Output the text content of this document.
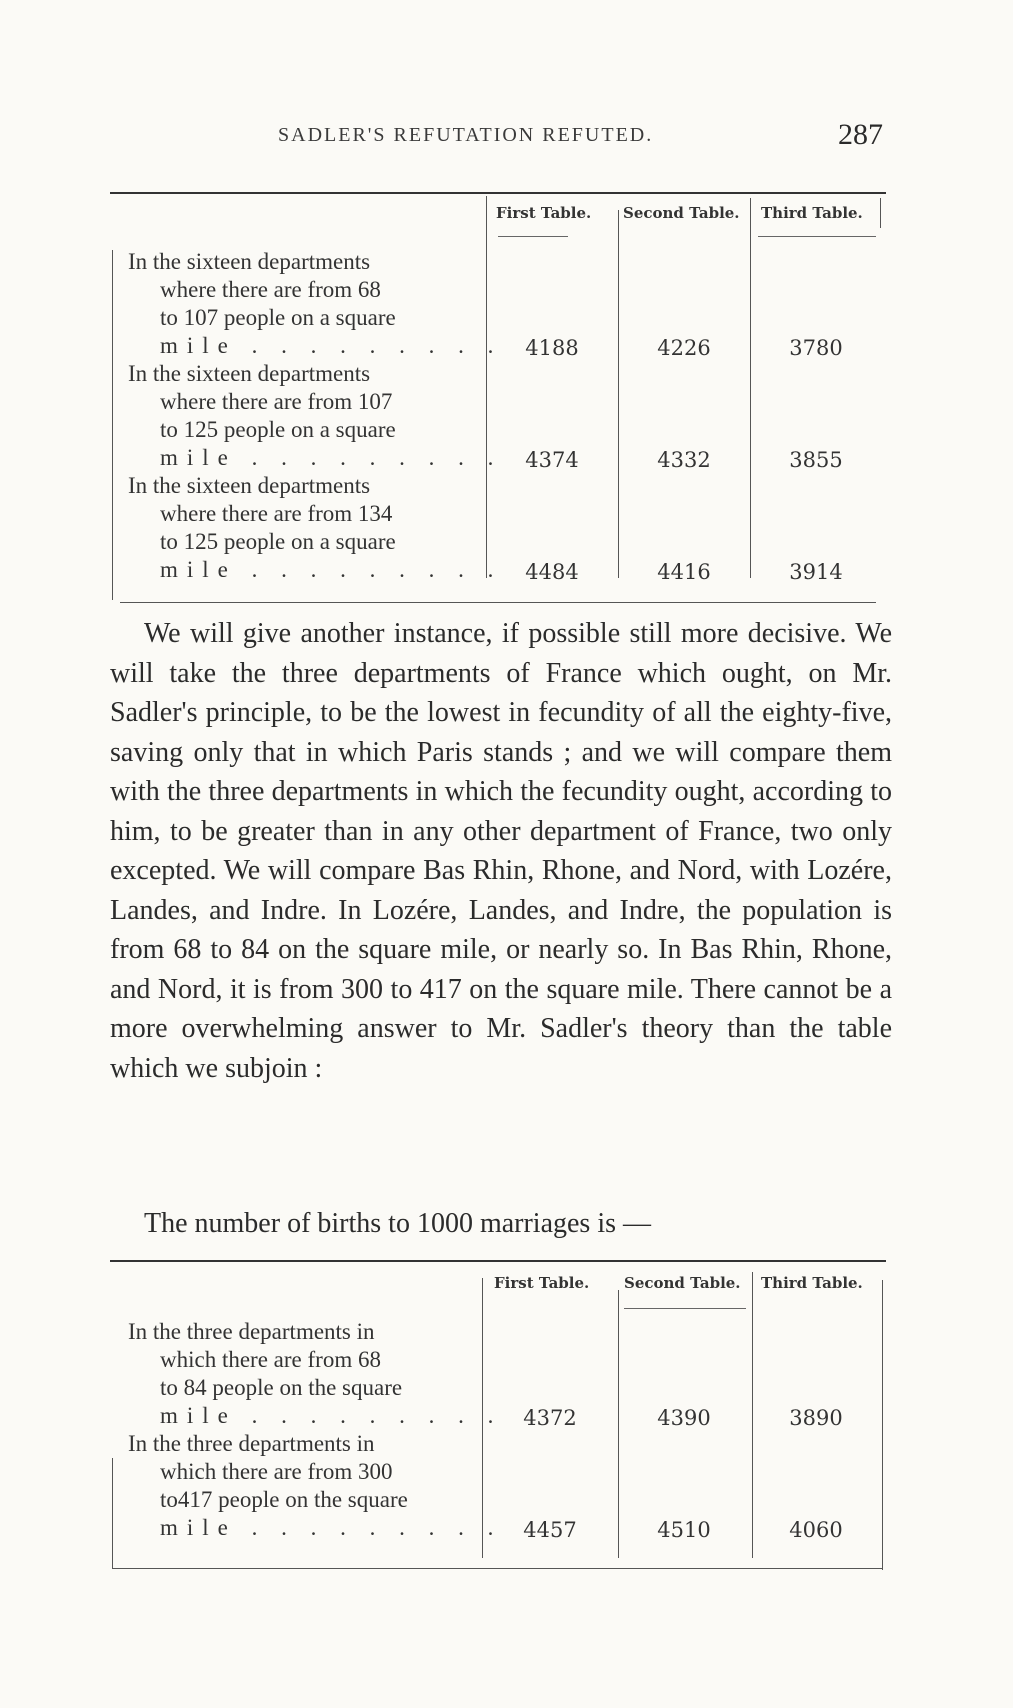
SADLER'S REFUTATION REFUTED.	287
First Table. Second Table. Third Table.
In the sixteen departments
where there are from 68
to 107 people on a square
mile . . . . . . . . .	4188	4226	3780
In the sixteen departments
where there are from 107
to 125 people on a square
mile . . . . . . . . .	4374	4332	3855
In the sixteen departments
where there are from 134
to 125 people on a square
mile . . . . . . . . .	4484	4416	3914

We will give another instance, if possible still more decisive. We will take the three departments of France which ought, on Mr. Sadler's principle, to be the lowest in fecundity of all the eighty-five, saving only that in which Paris stands ; and we will compare them with the three departments in which the fecundity ought, according to him, to be greater than in any other department of France, two only excepted. We will compare Bas Rhin, Rhone, and Nord, with Lozére, Landes, and Indre. In Lozére, Landes, and Indre, the population is from 68 to 84 on the square mile, or nearly so. In Bas Rhin, Rhone, and Nord, it is from 300 to 417 on the square mile. There cannot be a more overwhelming answer to Mr. Sadler's theory than the table which we subjoin :

The number of births to 1000 marriages is —
First Table. Second Table. Third Table.
In the three departments in
which there are from 68
to 84 people on the square
mile . . . . . . . . . 4372	4390	3890
In the three departments in
which there are from 300
to417 people on the square
mile . . . . . . . . . 4457	4510	4060
